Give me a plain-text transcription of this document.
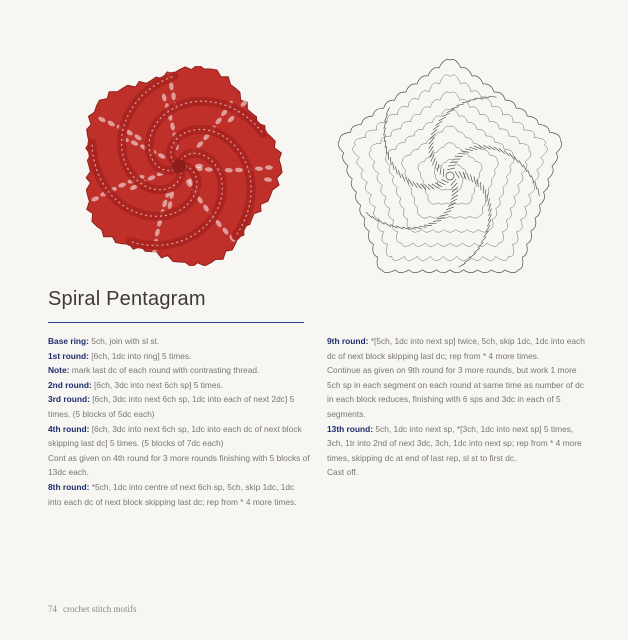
Spiral Pentagram

Base ring: 5ch, join with sl st.

1st round: [6ch, 1dc into ring] 5 times.

Note: mark last dc of each round with contrasting thread.

2nd round: [6ch, 3dc into next 6ch sp] 5 times.

3rd round: [6ch, 3dc into next 6ch sp, 1dc into each of next 2dc] 5 times. (5 blocks of 5dc each)

4th round: [6ch, 3dc into next 6ch sp, 1dc into each dc of next block skipping last dc] 5 times. (5 blocks of 7dc each)

Cont as given on 4th round for 3 more rounds finishing with 5 blocks of 13dc each.

8th round: *5ch, 1dc into centre of next 6ch sp, 5ch, skip 1dc, 1dc into each dc of next block skipping last dc; rep from * 4 more times.

9th round: *[5ch, 1dc into next sp] twice, 5ch, skip 1dc, 1dc into each dc of next block skipping last dc; rep from * 4 more times.

Continue as given on 9th round for 3 more rounds, but work 1 more 5ch sp in each segment on each round at same time as number of dc in each block reduces, finishing with 6 sps and 3dc in each of 5 segments.

13th round: 5ch, 1dc into next sp, *[3ch, 1dc into next sp] 5 times, 3ch, 1tr into 2nd of next 3dc, 3ch, 1dc into next sp; rep from * 4 more times, skipping dc at end of last rep, sl st to first dc.

Cast off.

74 crochet stitch motifs
